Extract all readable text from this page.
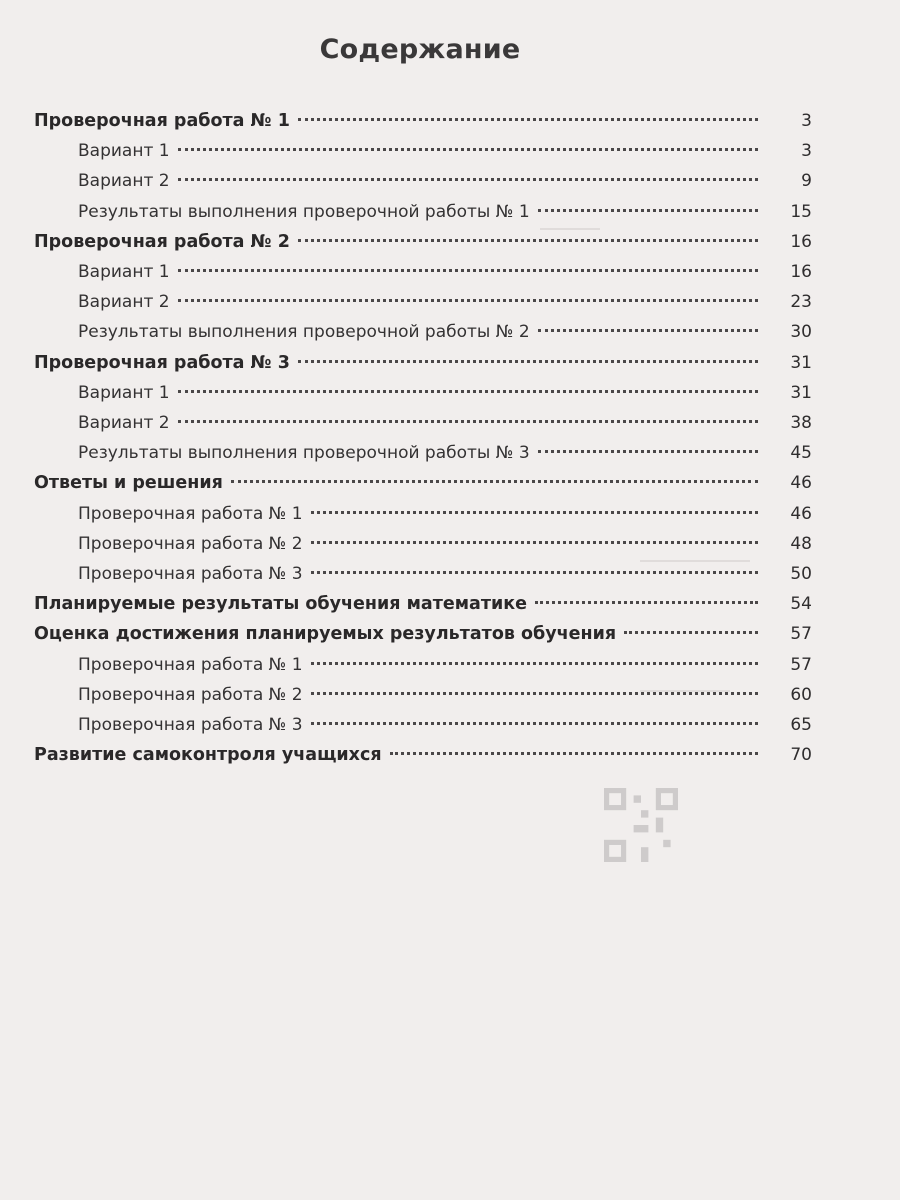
Содержание
Проверочная работа № 1	3
Вариант 1	3
Вариант 2	9
Результаты выполнения проверочной работы № 1	15
Проверочная работа № 2	16
Вариант 1	16
Вариант 2	23
Результаты выполнения проверочной работы № 2	30
Проверочная работа № 3	31
Вариант 1	31
Вариант 2	38
Результаты выполнения проверочной работы № 3	45
Ответы и решения	46
Проверочная работа № 1	46
Проверочная работа № 2	48
Проверочная работа № 3	50
Планируемые результаты обучения математике	54
Оценка достижения планируемых результатов обучения	57
Проверочная работа № 1	57
Проверочная работа № 2	60
Проверочная работа № 3	65
Развитие самоконтроля учащихся	70
